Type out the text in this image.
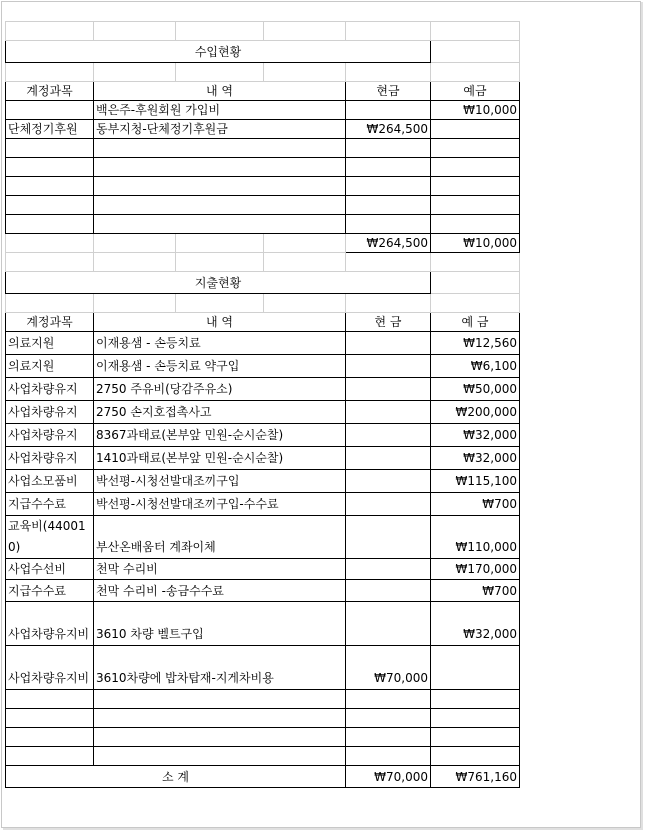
수입현황					

계정과목	내 역			현금	예금
	백은주-후원회원 가입비				₩10,000
단체정기후원	동부지청-단체정기후원금			₩264,500	

				₩264,500	₩10,000

지출현황					

계정과목	내 역			현 금	예 금
의료지원	이재용샘 - 손등치료				₩12,560
의료지원	이재용샘 - 손등치료 약구입				₩6,100
사업차량유지	2750 주유비(당감주유소)				₩50,000
사업차량유지	2750 손지호접촉사고				₩200,000
사업차량유지	8367과태료(본부앞 민원-순시순찰)				₩32,000
사업차량유지	1410과태료(본부앞 민원-순시순찰)				₩32,000
사업소모품비	박선평-시청선발대조끼구입				₩115,100
지급수수료	박선평-시청선발대조끼구입-수수료				₩700
교육비(440010)	부산온배움터 계좌이체				₩110,000
사업수선비	천막 수리비				₩170,000
지급수수료	천막 수리비 -송금수수료				₩700
사업차량유지비	3610 차량 벨트구입				₩32,000
사업차량유지비	3610차량에 밥차탑재-지게차비용			₩70,000	

소 계				₩70,000	₩761,160
